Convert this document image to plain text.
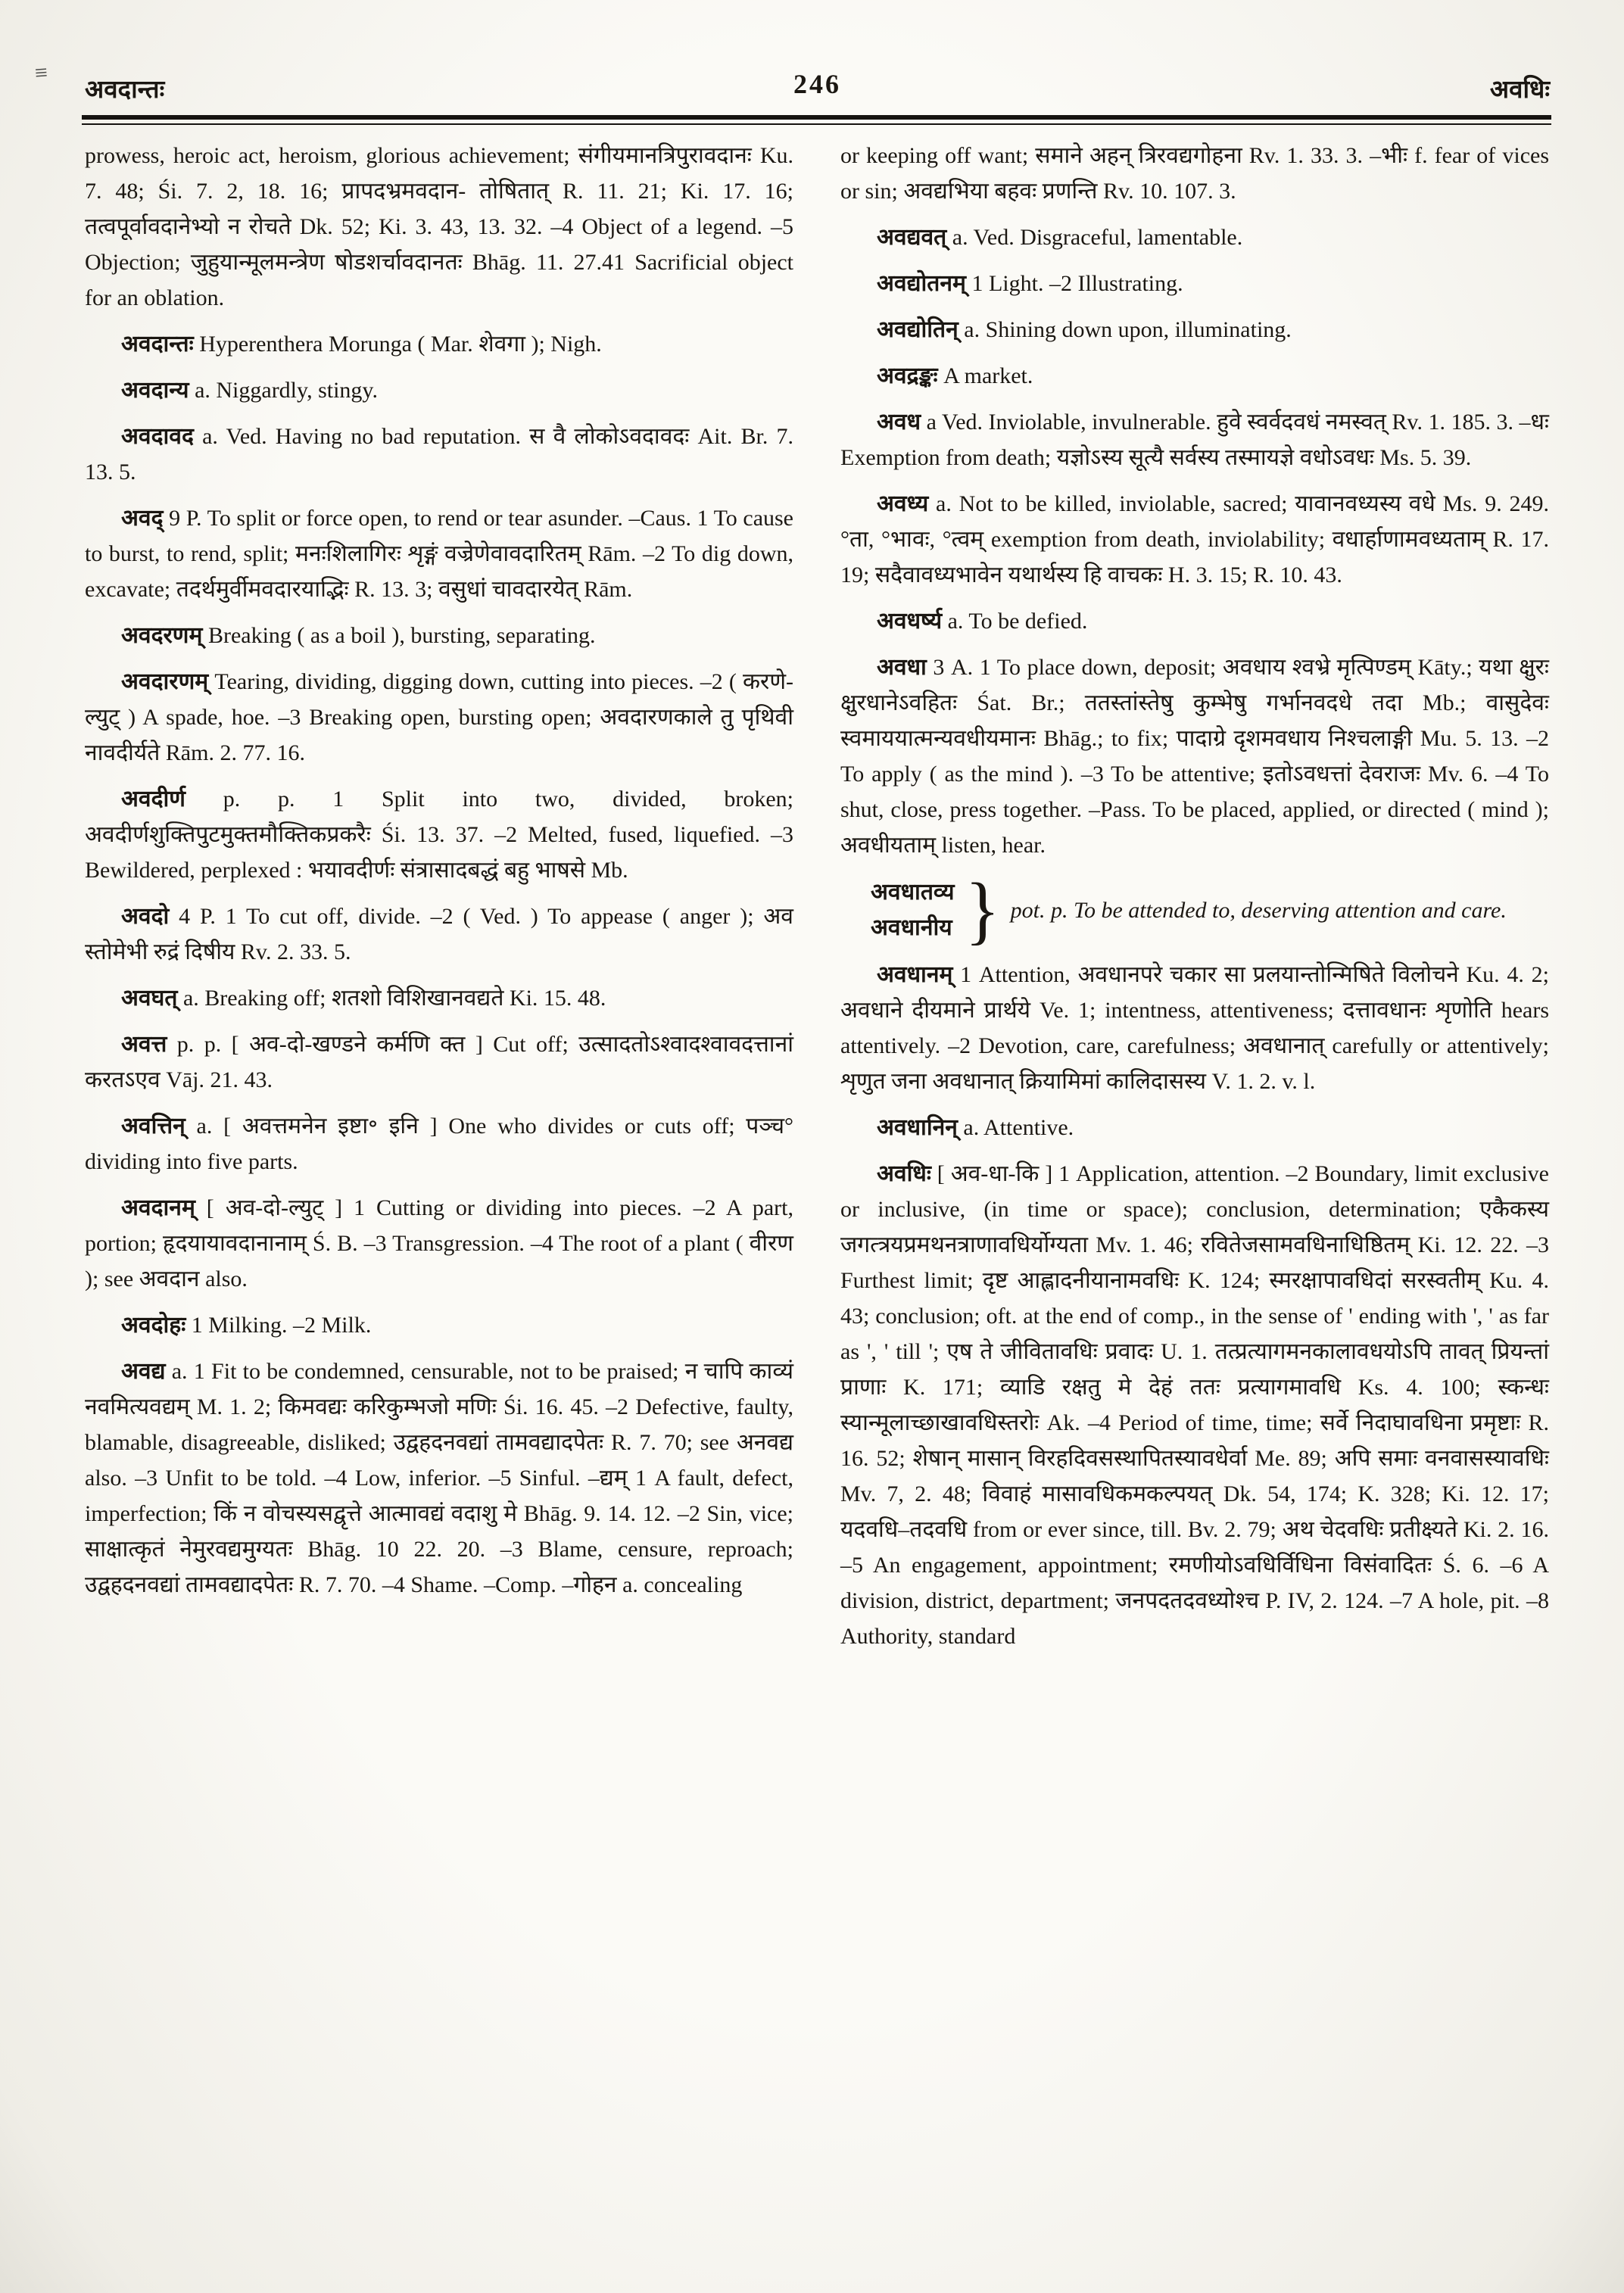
≡
अवदान्तः	246	अवधिः

prowess, heroic act, heroism, glorious achievement; संगीयमानत्रिपुरावदानः Ku. 7. 48; Śi. 7. 2, 18. 16; प्रापदभ्रमवदान- तोषितात् R. 11. 21; Ki. 17. 16; तत्वपूर्वावदानेभ्यो न रोचते Dk. 52; Ki. 3. 43, 13. 32. –4 Object of a legend. –5 Objection; जुहुयान्मूलमन्त्रेण षोडशर्चावदानतः Bhāg. 11. 27.41 Sacrificial object for an oblation.

अवदान्तः Hyperenthera Morunga ( Mar. शेवगा ); Nigh.

अवदान्य a. Niggardly, stingy.

अवदावद a. Ved. Having no bad reputation. स वै लोकोऽवदावदः Ait. Br. 7. 13. 5.

अवद् 9 P. To split or force open, to rend or tear asunder. –Caus. 1 To cause to burst, to rend, split; मनःशिलागिरः शृङ्गं वज्रेणेवावदारितम् Rām. –2 To dig down, excavate; तदर्थमुर्वीमवदारयाद्भिः R. 13. 3; वसुधां चावदारयेत् Rām.

अवदरणम् Breaking ( as a boil ), bursting, separating.

अवदारणम् Tearing, dividing, digging down, cutting into pieces. –2 ( करणे-ल्युट् ) A spade, hoe. –3 Breaking open, bursting open; अवदारणकाले तु पृथिवी नावदीर्यते Rām. 2. 77. 16.

अवदीर्ण p. p. 1 Split into two, divided, broken; अवदीर्णशुक्तिपुटमुक्तमौक्तिकप्रकरैः Śi. 13. 37. –2 Melted, fused, liquefied. –3 Bewildered, perplexed : भयावदीर्णः संत्रासादबद्धं बहु भाषसे Mb.

अवदो 4 P. 1 To cut off, divide. –2 ( Ved. ) To appease ( anger ); अव स्तोमेभी रुद्रं दिषीय Rv. 2. 33. 5.

अवघत् a. Breaking off; शतशो विशिखानवद्यते Ki. 15. 48.

अवत्त p. p. [ अव-दो-खण्डने कर्मणि क्त ] Cut off; उत्सादतोऽश्वादश्वावदत्तानां करतऽएव Vāj. 21. 43.

अवत्तिन् a. [ अवत्तमनेन इष्टा॰ इनि ] One who divides or cuts off; पञ्च° dividing into five parts.

अवदानम् [ अव-दो-ल्युट् ] 1 Cutting or dividing into pieces. –2 A part, portion; हृदयायावदानानाम् Ś. B. –3 Transgression. –4 The root of a plant ( वीरण ); see अवदान also.

अवदोहः 1 Milking. –2 Milk.

अवद्य a. 1 Fit to be condemned, censurable, not to be praised; न चापि काव्यं नवमित्यवद्यम् M. 1. 2; किमवद्यः करिकुम्भजो मणिः Śi. 16. 45. –2 Defective, faulty, blamable, disagreeable, disliked; उद्वहदनवद्यां तामवद्यादपेतः R. 7. 70; see अनवद्य also. –3 Unfit to be told. –4 Low, inferior. –5 Sinful. –द्यम् 1 A fault, defect, imperfection; किं न वोचस्यसद्वृत्ते आत्मावद्यं वदाशु मे Bhāg. 9. 14. 12. –2 Sin, vice; साक्षात्कृतं नेमुरवद्यमुग्यतः Bhāg. 10 22. 20. –3 Blame, censure, reproach; उद्वहदनवद्यां तामवद्यादपेतः R. 7. 70. –4 Shame. –Comp. –गोहन a. concealing

or keeping off want; समाने अहन् त्रिरवद्यगोहना Rv. 1. 33. 3. –भीः f. fear of vices or sin; अवद्यभिया बहवः प्रणन्ति Rv. 10. 107. 3.

अवद्यवत् a. Ved. Disgraceful, lamentable.

अवद्योतनम् 1 Light. –2 Illustrating.

अवद्योतिन् a. Shining down upon, illuminating.

अवद्रङ्कः A market.

अवध a Ved. Inviolable, invulnerable. हुवे स्वर्वदवधं नमस्वत् Rv. 1. 185. 3. –धः Exemption from death; यज्ञोऽस्य सूत्यै सर्वस्य तस्मायज्ञे वधोऽवधः Ms. 5. 39.

अवध्य a. Not to be killed, inviolable, sacred; यावानवध्यस्य वधे Ms. 9. 249. °ता, °भावः, °त्वम् exemption from death, inviolability; वधार्हाणामवध्यताम् R. 17. 19; सदैवावध्यभावेन यथार्थस्य हि वाचकः H. 3. 15; R. 10. 43.

अवधर्ष्य a. To be defied.

अवधा 3 A. 1 To place down, deposit; अवधाय श्वभ्रे मृत्पिण्डम् Kāty.; यथा क्षुरः क्षुरधानेऽवहितः Śat. Br.; ततस्तांस्तेषु कुम्भेषु गर्भानवदधे तदा Mb.; वासुदेवः स्वमाययात्मन्यवधीयमानः Bhāg.; to fix; पादाग्रे दृशमवधाय निश्चलाङ्गी Mu. 5. 13. –2 To apply ( as the mind ). –3 To be attentive; इतोऽवधत्तां देवराजः Mv. 6. –4 To shut, close, press together. –Pass. To be placed, applied, or directed ( mind ); अवधीयताम् listen, hear.

अवधातव्य
अवधानीय } pot. p. To be attended to, deserving attention and care.

अवधानम् 1 Attention, अवधानपरे चकार सा प्रलयान्तोन्मिषिते विलोचने Ku. 4. 2; अवधाने दीयमाने प्रार्थये Ve. 1; intentness, attentiveness; दत्तावधानः शृणोति hears attentively. –2 Devotion, care, carefulness; अवधानात् carefully or attentively; शृणुत जना अवधानात् क्रियामिमां कालिदासस्य V. 1. 2. v. l.

अवधानिन् a. Attentive.

अवधिः [ अव-धा-कि ] 1 Application, attention. –2 Boundary, limit exclusive or inclusive, (in time or space); conclusion, determination; एकैकस्य जगत्त्रयप्रमथनत्राणावधिर्योग्यता Mv. 1. 46; रवितेजसामवधिनाधिष्ठितम् Ki. 12. 22. –3 Furthest limit; दृष्ट आह्लादनीयानामवधिः K. 124; स्मरक्षापावधिदां सरस्वतीम् Ku. 4. 43; conclusion; oft. at the end of comp., in the sense of ' ending with ', ' as far as ', ' till '; एष ते जीवितावधिः प्रवादः U. 1. तत्प्रत्यागमनकालावधयोऽपि तावत् प्रियन्तां प्राणाः K. 171; व्याडि रक्षतु मे देहं ततः प्रत्यागमावधि Ks. 4. 100; स्कन्धः स्यान्मूलाच्छाखावधिस्तरोः Ak. –4 Period of time, time; सर्वे निदाघावधिना प्रमृष्टाः R. 16. 52; शेषान् मासान् विरहदिवसस्थापितस्यावधेर्वा Me. 89; अपि समाः वनवासस्यावधिः Mv. 7, 2. 48; विवाहं मासावधिकमकल्पयत् Dk. 54, 174; K. 328; Ki. 12. 17; यदवधि–तदवधि from or ever since, till. Bv. 2. 79; अथ चेदवधिः प्रतीक्ष्यते Ki. 2. 16. –5 An engagement, appointment; रमणीयोऽवधिर्विधिना विसंवादितः Ś. 6. –6 A division, district, department; जनपदतदवध्योश्च P. IV, 2. 124. –7 A hole, pit. –8 Authority, standard
